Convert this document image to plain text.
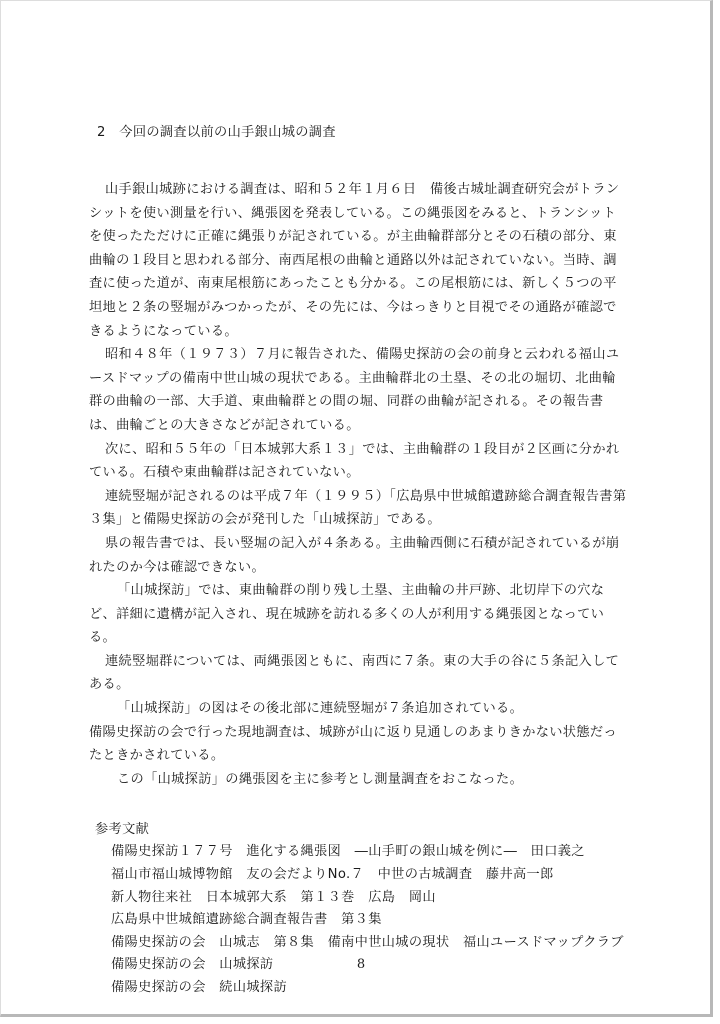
2　今回の調査以前の山手銀山城の調査

山手銀山城跡における調査は、昭和５２年１月６日　備後古城址調査研究会がトランシットを使い測量を行い、縄張図を発表している。この縄張図をみると、トランシットを使ったただけに正確に縄張りが記されている。が主曲輪群部分とその石積の部分、東曲輪の１段目と思われる部分、南西尾根の曲輪と通路以外は記されていない。当時、調査に使った道が、南東尾根筋にあったことも分かる。この尾根筋には、新しく５つの平坦地と２条の竪堀がみつかったが、その先には、今はっきりと目視でその通路が確認できるようになっている。

昭和４８年（１９７３）７月に報告された、備陽史探訪の会の前身と云われる福山ユースドマップの備南中世山城の現状である。主曲輪群北の土塁、その北の堀切、北曲輪群の曲輪の一部、大手道、東曲輪群との間の堀、同群の曲輪が記される。その報告書は、曲輪ごとの大きさなどが記されている。

次に、昭和５５年の「日本城郭大系１３」では、主曲輪群の１段目が２区画に分かれている。石積や東曲輪群は記されていない。

連続竪堀が記されるのは平成７年（１９９５）「広島県中世城館遺跡総合調査報告書第３集」と備陽史探訪の会が発刊した「山城探訪」である。

県の報告書では、長い竪堀の記入が４条ある。主曲輪西側に石積が記されているが崩れたのか今は確認できない。

「山城探訪」では、東曲輪群の削り残し土塁、主曲輪の井戸跡、北切岸下の穴など、詳細に遺構が記入され、現在城跡を訪れる多くの人が利用する縄張図となっている。

連続竪堀群については、両縄張図ともに、南西に７条。東の大手の谷に５条記入してある。

「山城探訪」の図はその後北部に連続竪堀が７条追加されている。

備陽史探訪の会で行った現地調査は、城跡が山に返り見通しのあまりきかない状態だったときかされている。

この「山城探訪」の縄張図を主に参考とし測量調査をおこなった。

参考文献
備陽史探訪１７７号　進化する縄張図　―山手町の銀山城を例に―　田口義之
福山市福山城博物館　友の会だよりNo.７　中世の古城調査　藤井高一郎
新人物往来社　日本城郭大系　第１３巻　広島　岡山
広島県中世城館遺跡総合調査報告書　第３集
備陽史探訪の会　山城志　第８集　備南中世山城の現状　福山ユースドマップクラブ
備陽史探訪の会　山城探訪
備陽史探訪の会　続山城探訪
8
